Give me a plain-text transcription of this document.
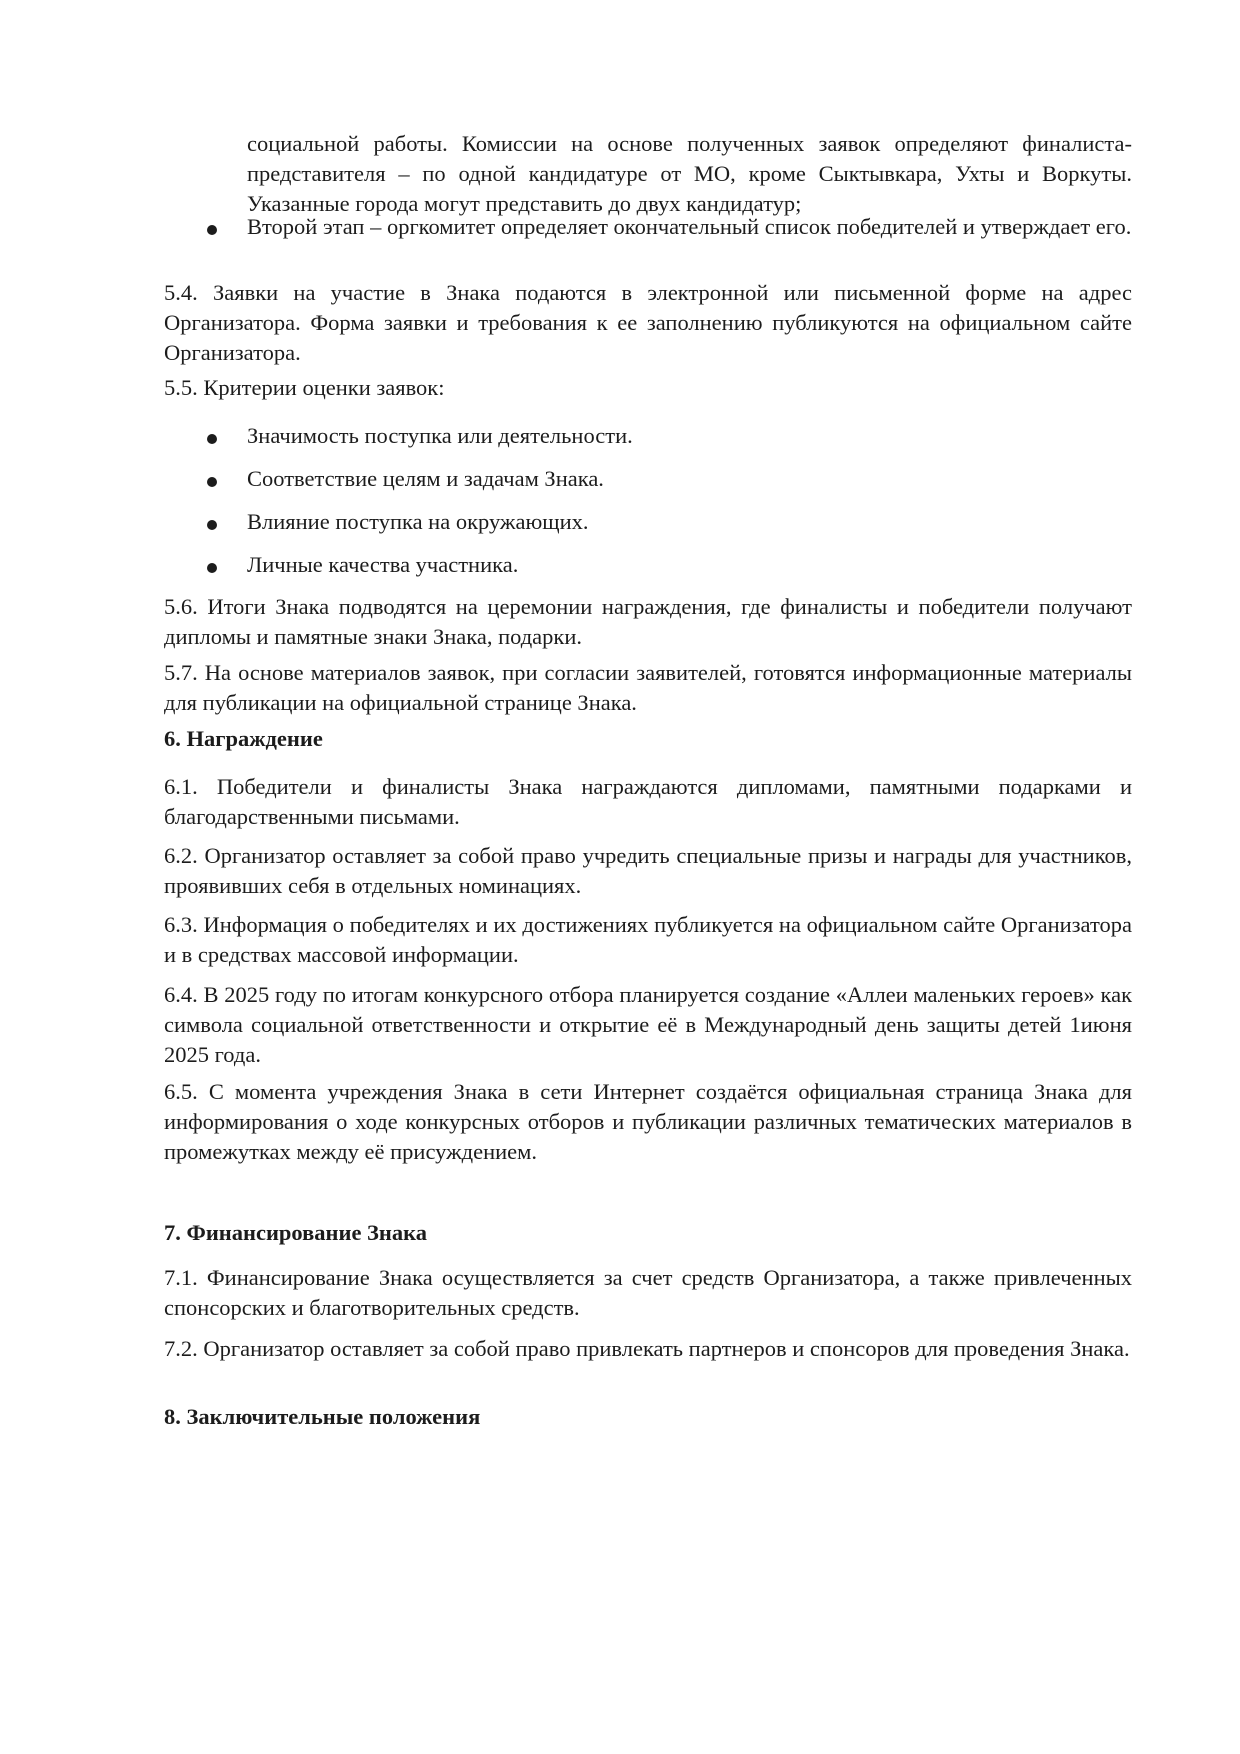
социальной работы. Комиссии на основе полученных заявок определяют финалиста- представителя – по одной кандидатуре от МО, кроме Сыктывкара, Ухты и Воркуты. Указанные города могут представить до двух кандидатур;

Второй этап – оргкомитет определяет окончательный список победителей и утверждает его.

5.4. Заявки на участие в Знака подаются в электронной или письменной форме на адрес Организатора. Форма заявки и требования к ее заполнению публикуются на официальном сайте Организатора.

5.5. Критерии оценки заявок:

Значимость поступка или деятельности.

Соответствие целям и задачам Знака.

Влияние поступка на окружающих.

Личные качества участника.

5.6. Итоги Знака подводятся на церемонии награждения, где финалисты и победители получают дипломы и памятные знаки Знака, подарки.

5.7. На основе материалов заявок, при согласии заявителей, готовятся информационные материалы для публикации на официальной странице Знака.

6. Награждение

6.1. Победители и финалисты Знака награждаются дипломами, памятными подарками и благодарственными письмами.

6.2. Организатор оставляет за собой право учредить специальные призы и награды для участников, проявивших себя в отдельных номинациях.

6.3. Информация о победителях и их достижениях публикуется на официальном сайте Организатора и в средствах массовой информации.

6.4. В 2025 году по итогам конкурсного отбора планируется создание «Аллеи маленьких героев» как символа социальной ответственности и открытие её в Международный день защиты детей 1июня 2025 года.

6.5. С момента учреждения Знака в сети Интернет создаётся официальная страница Знака для информирования о ходе конкурсных отборов и публикации различных тематических материалов в промежутках между её присуждением.

7. Финансирование Знака

7.1. Финансирование Знака осуществляется за счет средств Организатора, а также привлеченных спонсорских и благотворительных средств.

7.2. Организатор оставляет за собой право привлекать партнеров и спонсоров для проведения Знака.

8. Заключительные положения
